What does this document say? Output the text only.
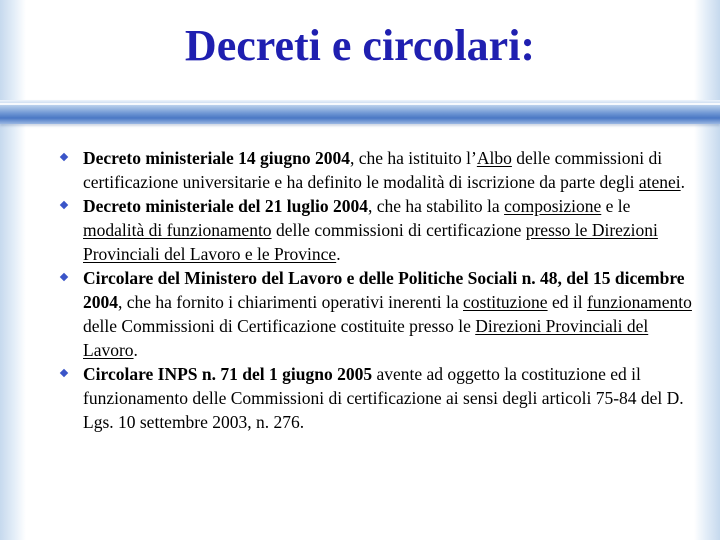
Decreti e circolari:
Decreto ministeriale 14 giugno 2004, che ha istituito l’Albo delle commissioni di certificazione universitarie e ha definito le modalità di iscrizione da parte degli atenei.
Decreto ministeriale del 21 luglio 2004, che ha stabilito la composizione e le modalità di funzionamento delle commissioni di certificazione presso le Direzioni Provinciali del Lavoro e le Province.
Circolare del Ministero del Lavoro e delle Politiche Sociali n. 48, del 15 dicembre 2004, che ha fornito i chiarimenti operativi inerenti la costituzione ed il funzionamento delle Commissioni di Certificazione costituite presso le Direzioni Provinciali del Lavoro.
Circolare INPS n. 71 del 1 giugno 2005 avente ad oggetto la costituzione ed il funzionamento delle Commissioni di certificazione ai sensi degli articoli 75-84 del D. Lgs. 10 settembre 2003, n. 276.
